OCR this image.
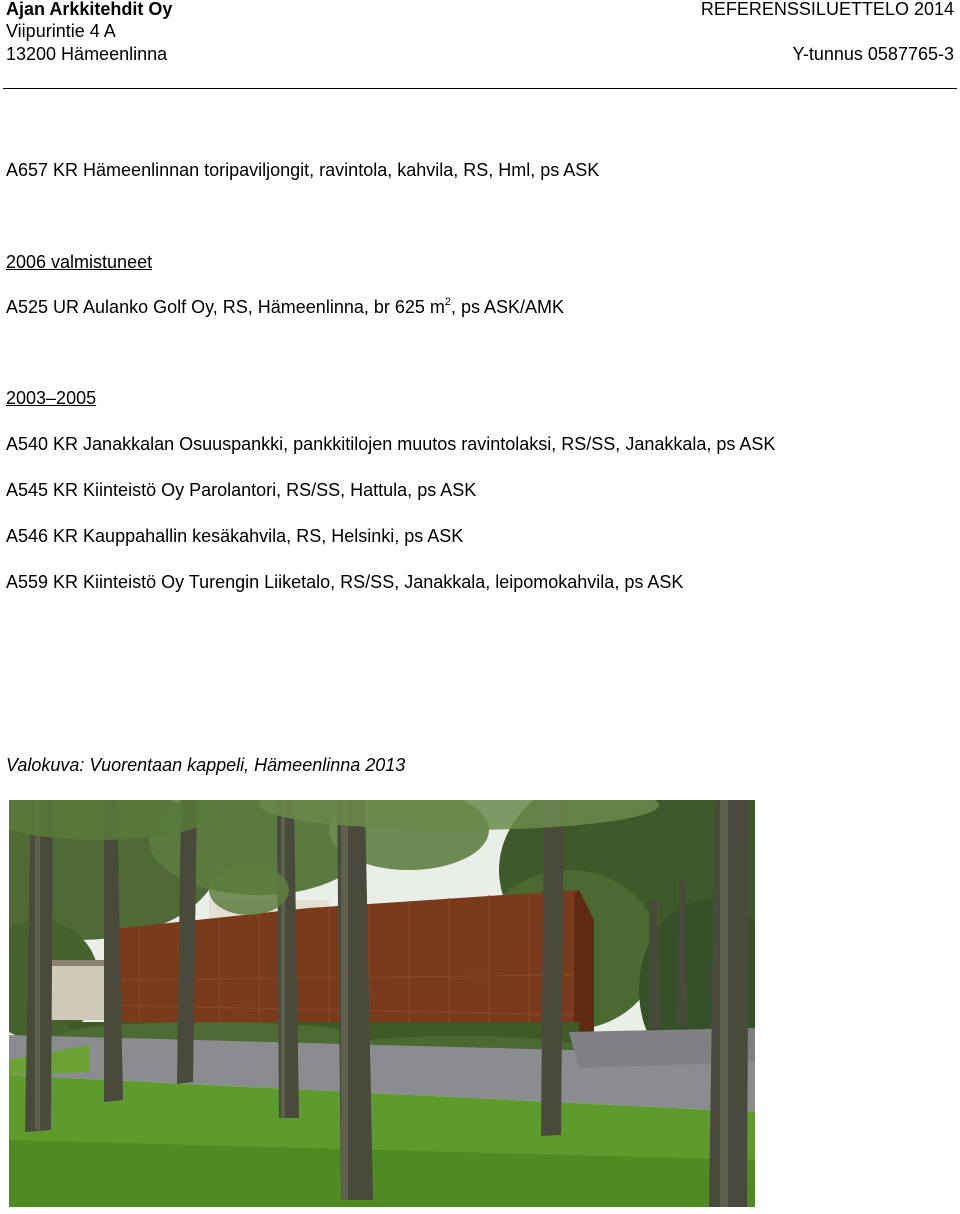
Ajan Arkkitehdit Oy
Viipurintie 4 A
13200 Hämeenlinna
REFERENSSILUETTELO 2014
Y-tunnus 0587765-3
A657 KR Hämeenlinnan toripaviljongit, ravintola, kahvila, RS, Hml, ps ASK
2006 valmistuneet
A525 UR Aulanko Golf Oy, RS, Hämeenlinna, br 625 $m^2$, ps ASK/AMK
2003–2005
A540 KR Janakkalan Osuuspankki, pankkitilojen muutos ravintolaksi, RS/SS, Janakkala, ps ASK
A545 KR Kiinteistö Oy Parolantori, RS/SS, Hattula, ps ASK
A546 KR Kauppahallin kesäkahvila, RS, Helsinki, ps ASK
A559 KR Kiinteistö Oy Turengin Liiketalo, RS/SS, Janakkala, leipomokahvila, ps ASK
Valokuva: Vuorentaan kappeli, Hämeenlinna 2013
